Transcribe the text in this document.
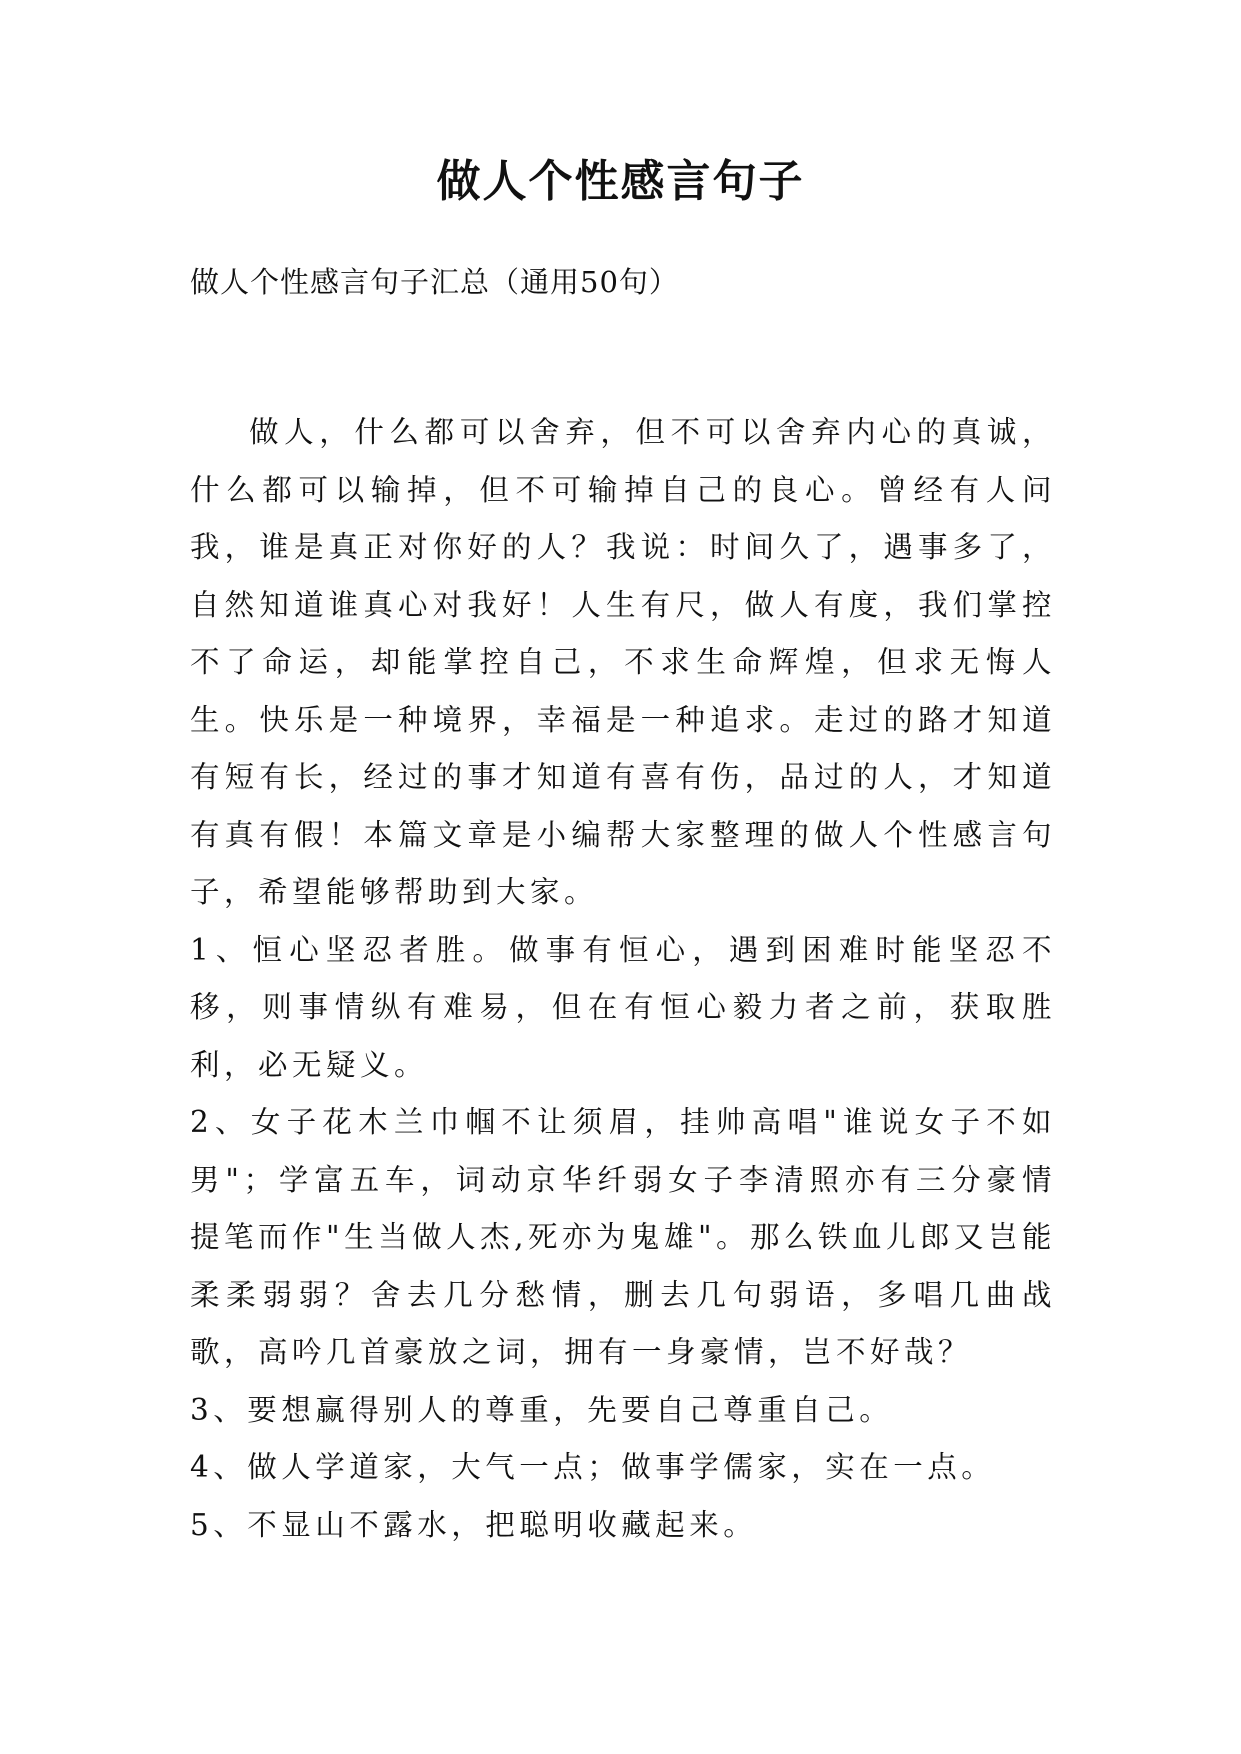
做人个性感言句子

做人个性感言句子汇总（通用50句）

做人，什么都可以舍弃，但不可以舍弃内心的真诚，什么都可以输掉，但不可输掉自己的良心。曾经有人问我，谁是真正对你好的人？我说：时间久了，遇事多了，自然知道谁真心对我好！人生有尺，做人有度，我们掌控不了命运，却能掌控自己，不求生命辉煌，但求无悔人生。快乐是一种境界，幸福是一种追求。走过的路才知道有短有长，经过的事才知道有喜有伤，品过的人，才知道有真有假！本篇文章是小编帮大家整理的做人个性感言句子，希望能够帮助到大家。

1、恒心坚忍者胜。做事有恒心，遇到困难时能坚忍不移，则事情纵有难易，但在有恒心毅力者之前，获取胜利，必无疑义。

2、女子花木兰巾帼不让须眉，挂帅高唱"谁说女子不如男"；学富五车，词动京华纤弱女子李清照亦有三分豪情提笔而作"生当做人杰,死亦为鬼雄"。那么铁血儿郎又岂能柔柔弱弱？舍去几分愁情，删去几句弱语，多唱几曲战歌，高吟几首豪放之词，拥有一身豪情，岂不好哉？

3、要想赢得别人的尊重，先要自己尊重自己。

4、做人学道家，大气一点；做事学儒家，实在一点。

5、不显山不露水，把聪明收藏起来。
